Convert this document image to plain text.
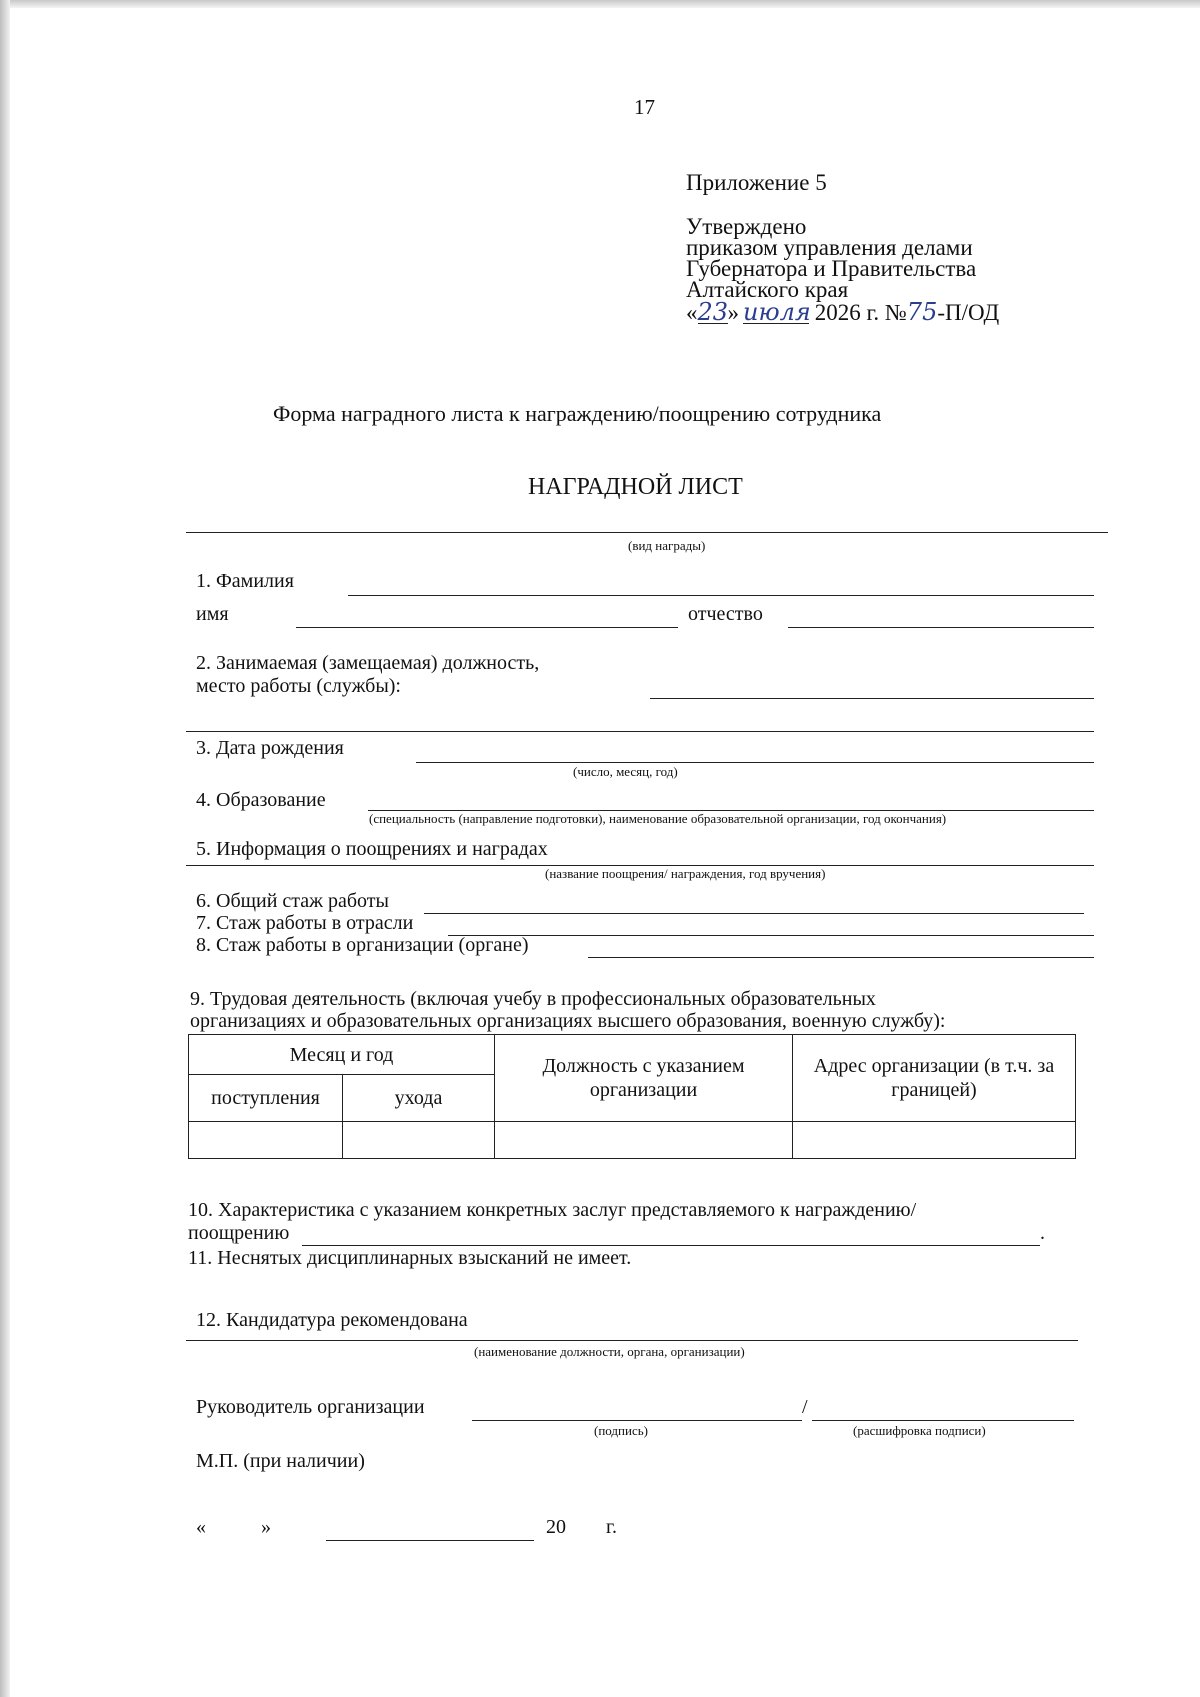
17
Приложение 5
Утверждено
приказом управления делами
Губернатора и Правительства
Алтайского края
«23» июля 2026 г. №75-П/ОД
Форма наградного листа к награждению/поощрению сотрудника
НАГРАДНОЙ ЛИСТ
(вид награды)
1. Фамилия
имя	отчество
2. Занимаемая (замещаемая) должность,
место работы (службы):
3. Дата рождения
(число, месяц, год)
4. Образование
(специальность (направление подготовки), наименование образовательной организации, год окончания)
5. Информация о поощрениях и наградах
(название поощрения/ награждения, год вручения)
6. Общий стаж работы
7. Стаж работы в отрасли
8. Стаж работы в организации (органе)
9. Трудовая деятельность (включая учебу в профессиональных образовательных
организациях и образовательных организациях высшего образования, военную службу):
Месяц и год		Должность с указанием организации	Адрес организации (в т.ч. за границей)
поступления	ухода		

10. Характеристика с указанием конкретных заслуг представляемого к награждению/
поощрению	.
11. Неснятых дисциплинарных взысканий не имеет.
12. Кандидатура рекомендована
(наименование должности, органа, организации)
Руководитель организации	/
(подпись)	(расшифровка подписи)
М.П. (при наличии)
«	»	20 г.
